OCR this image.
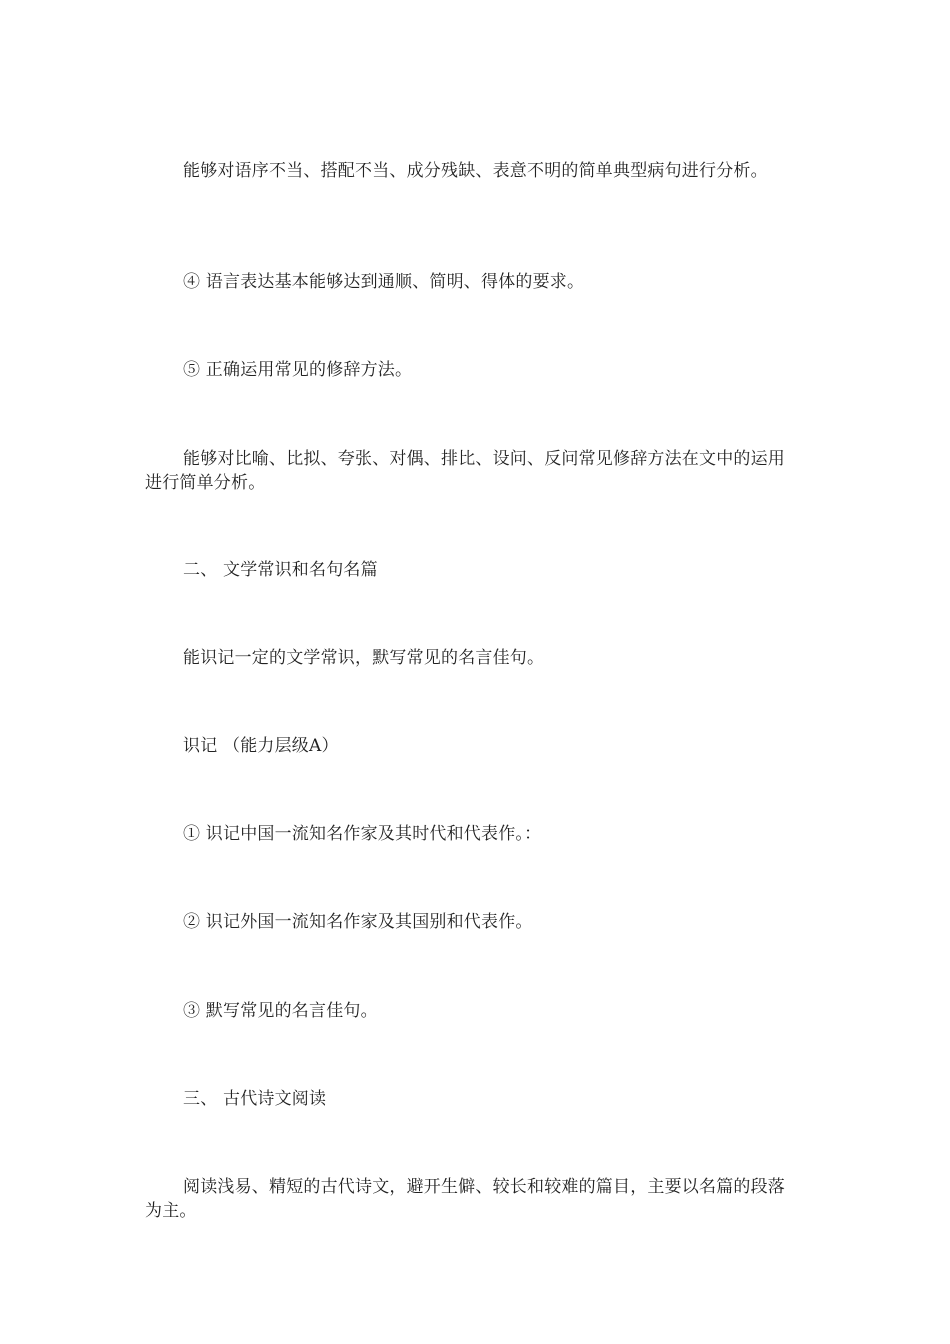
能够对语序不当、搭配不当、成分残缺、表意不明的简单典型病句进行分析。

④ 语言表达基本能够达到通顺、简明、得体的要求。

⑤ 正确运用常见的修辞方法。

能够对比喻、比拟、夸张、对偶、排比、设问、反问常见修辞方法在文中的运用进行简单分析。

二、 文学常识和名句名篇

能识记一定的文学常识，默写常见的名言佳句。

识记 （能力层级A）

① 识记中国一流知名作家及其时代和代表作。：

② 识记外国一流知名作家及其国别和代表作。

③ 默写常见的名言佳句。

三、 古代诗文阅读

阅读浅易、精短的古代诗文，避开生僻、较长和较难的篇目，主要以名篇的段落为主。
